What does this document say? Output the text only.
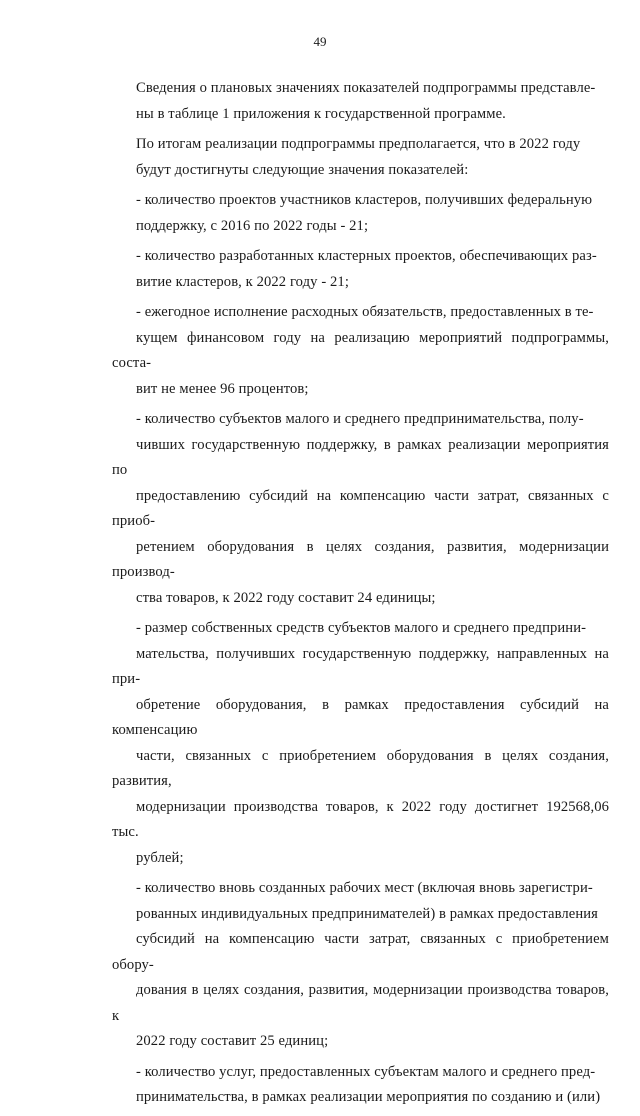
49

Сведения о плановых значениях показателей подпрограммы представле-
ны в таблице 1 приложения к государственной программе.

По итогам реализации подпрограммы предполагается, что в 2022 году
будут достигнуты следующие значения показателей:

- количество проектов участников кластеров, получивших федеральную
поддержку, с 2016 по 2022 годы - 21;

- количество разработанных кластерных проектов, обеспечивающих раз-
витие кластеров, к 2022 году - 21;

- ежегодное исполнение расходных обязательств, предоставленных в те-
кущем финансовом году на реализацию мероприятий подпрограммы, соста-
вит не менее 96 процентов;

- количество субъектов малого и среднего предпринимательства, полу-
чивших государственную поддержку, в рамках реализации мероприятия по
предоставлению субсидий на компенсацию части затрат, связанных с приоб-
ретением оборудования в целях создания, развития, модернизации производ-
ства товаров, к 2022 году составит 24 единицы;

- размер собственных средств субъектов малого и среднего предприни-
мательства, получивших государственную поддержку, направленных на при-
обретение оборудования, в рамках предоставления субсидий на компенсацию
части, связанных с приобретением оборудования в целях создания, развития,
модернизации производства товаров, к 2022 году достигнет 192568,06 тыс.
рублей;

- количество вновь созданных рабочих мест (включая вновь зарегистри-
рованных индивидуальных предпринимателей) в рамках предоставления
субсидий на компенсацию части затрат, связанных с приобретением обору-
дования в целях создания, развития, модернизации производства товаров, к
2022 году составит 25 единиц;

- количество услуг, предоставленных субъектам малого и среднего пред-
принимательства, в рамках реализации мероприятия по созданию и (или)
